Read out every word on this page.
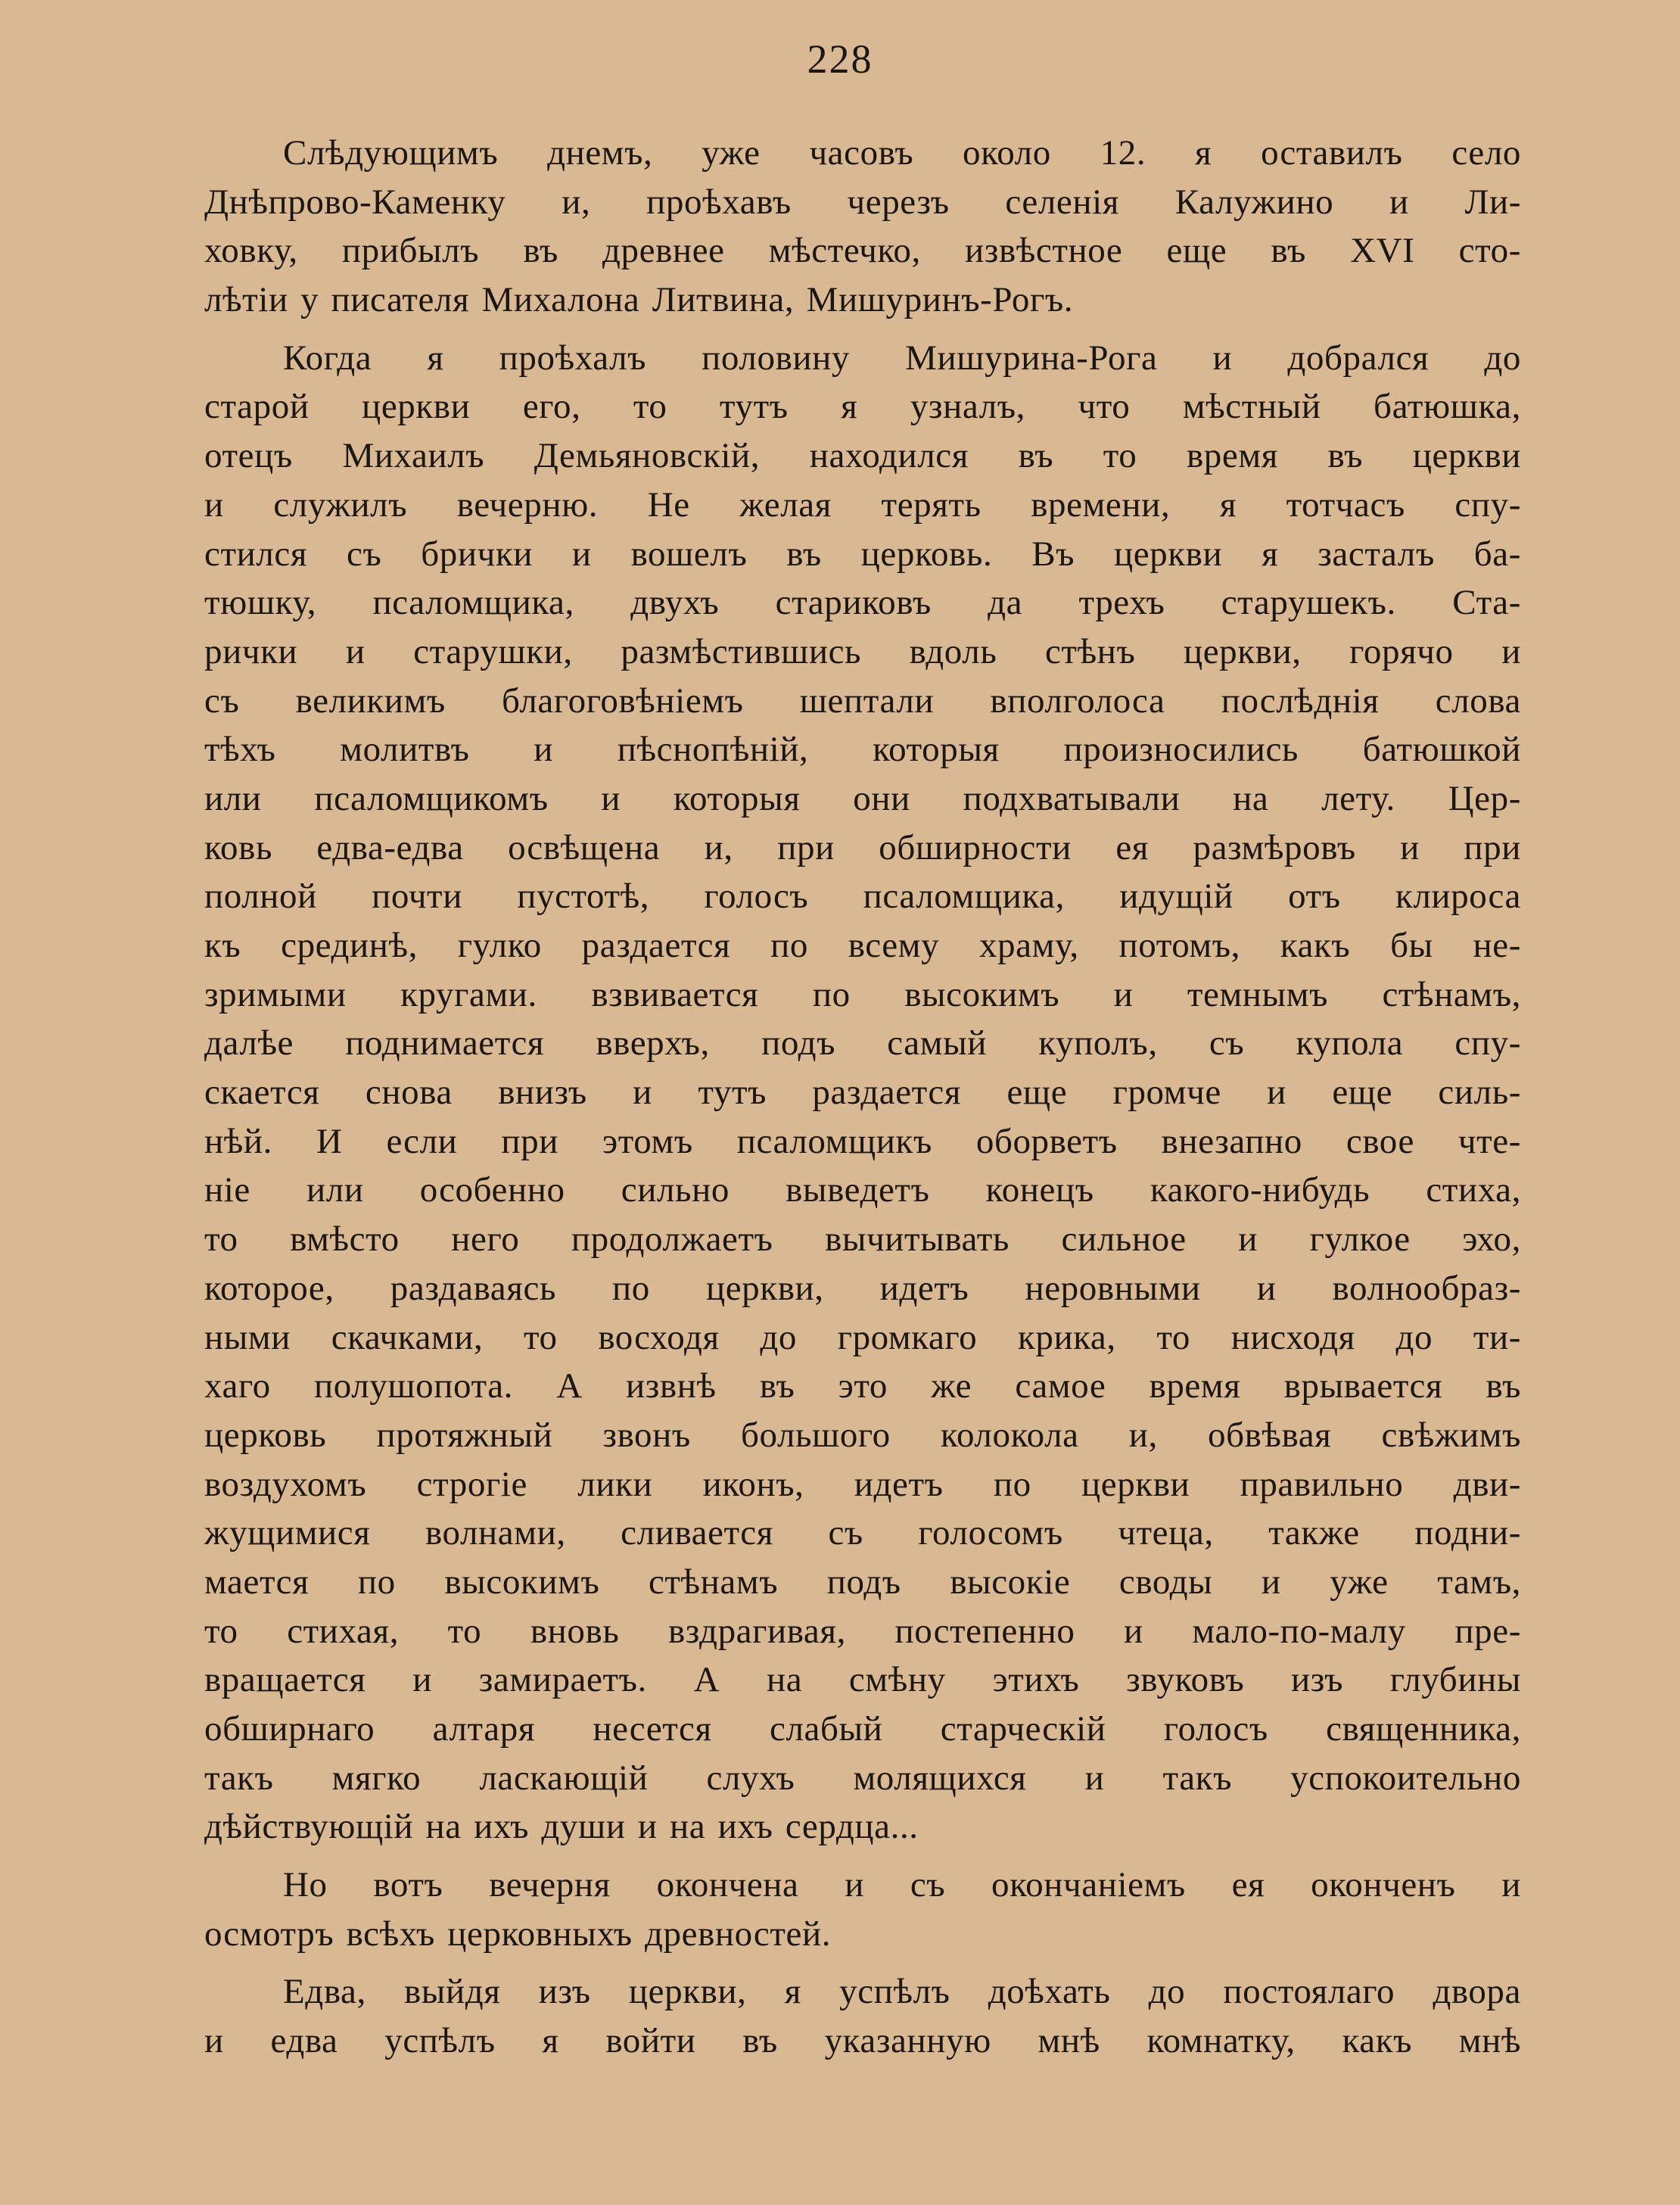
228
Слѣдующимъ днемъ, уже часовъ около 12. я оставилъ село
Днѣпрово-Каменку и, проѣхавъ черезъ селенія Калужино и Ли-
ховку, прибылъ въ древнее мѣстечко, извѣстное еще въ XVI сто-
лѣтіи у писателя Михалона Литвина, Мишуринъ-Рогъ.
Когда я проѣхалъ половину Мишурина-Рога и добрался до
старой церкви его, то тутъ я узналъ, что мѣстный батюшка,
отецъ Михаилъ Демьяновскій, находился въ то время въ церкви
и служилъ вечерню. Не желая терять времени, я тотчасъ спу-
стился съ брички и вошелъ въ церковь. Въ церкви я засталъ ба-
тюшку, псаломщика, двухъ стариковъ да трехъ старушекъ. Ста-
рички и старушки, размѣстившись вдоль стѣнъ церкви, горячо и
съ великимъ благоговѣніемъ шептали вполголоса послѣднія слова
тѣхъ молитвъ и пѣснопѣній, которыя произносились батюшкой
или псаломщикомъ и которыя они подхватывали на лету. Цер-
ковь едва-едва освѣщена и, при обширности ея размѣровъ и при
полной почти пустотѣ, голосъ псаломщика, идущій отъ клироса
къ срединѣ, гулко раздается по всему храму, потомъ, какъ бы не-
зримыми кругами. взвивается по высокимъ и темнымъ стѣнамъ,
далѣе поднимается вверхъ, подъ самый куполъ, съ купола спу-
скается снова внизъ и тутъ раздается еще громче и еще силь-
нѣй. И если при этомъ псаломщикъ оборветъ внезапно свое чте-
ніе или особенно сильно выведетъ конецъ какого-нибудь стиха,
то вмѣсто него продолжаетъ вычитывать сильное и гулкое эхо,
которое, раздаваясь по церкви, идетъ неровными и волнообраз-
ными скачками, то восходя до громкаго крика, то нисходя до ти-
хаго полушопота. А извнѣ въ это же самое время врывается въ
церковь протяжный звонъ большого колокола и, обвѣвая свѣжимъ
воздухомъ строгіе лики иконъ, идетъ по церкви правильно дви-
жущимися волнами, сливается съ голосомъ чтеца, также подни-
мается по высокимъ стѣнамъ подъ высокіе своды и уже тамъ,
то стихая, то вновь вздрагивая, постепенно и мало-по-малу пре-
вращается и замираетъ. А на смѣну этихъ звуковъ изъ глубины
обширнаго алтаря несется слабый старческій голосъ священника,
такъ мягко ласкающій слухъ молящихся и такъ успокоительно
дѣйствующій на ихъ души и на ихъ сердца...
Но вотъ вечерня окончена и съ окончаніемъ ея оконченъ и
осмотръ всѣхъ церковныхъ древностей.
Едва, выйдя изъ церкви, я успѣлъ доѣхать до постоялаго двора
и едва успѣлъ я войти въ указанную мнѣ комнатку, какъ мнѣ
